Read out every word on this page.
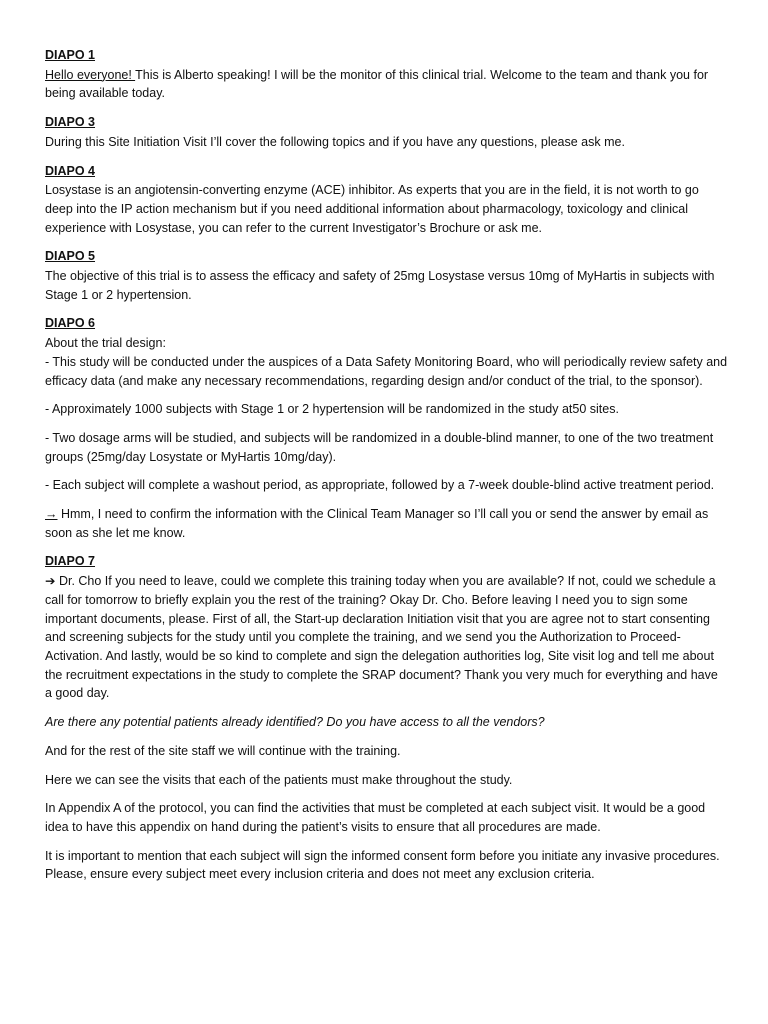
DIAPO 1

Hello everyone! This is Alberto speaking! I will be the monitor of this clinical trial. Welcome to the team and thank you for being available today.

DIAPO 3

During this Site Initiation Visit I’ll cover the following topics and if you have any questions, please ask me.

DIAPO 4

Losystase is an angiotensin-converting enzyme (ACE) inhibitor. As experts that you are in the field, it is not worth to go deep into the IP action mechanism but if you need additional information about pharmacology, toxicology and clinical experience with Losystase, you can refer to the current Investigator’s Brochure or ask me.

DIAPO 5

The objective of this trial is to assess the efficacy and safety of 25mg Losystase versus 10mg of MyHartis in subjects with Stage 1 or 2 hypertension.

DIAPO 6

About the trial design:

- This study will be conducted under the auspices of a Data Safety Monitoring Board, who will periodically review safety and efficacy data (and make any necessary recommendations, regarding design and/or conduct of the trial, to the sponsor).

- Approximately 1000 subjects with Stage 1 or 2 hypertension will be randomized in the study at50 sites.

- Two dosage arms will be studied, and subjects will be randomized in a double-blind manner, to one of the two treatment groups (25mg/day Losystate or MyHartis 10mg/day).

- Each subject will complete a washout period, as appropriate, followed by a 7-week double-blind active treatment period.

→ Hmm, I need to confirm the information with the Clinical Team Manager so I’ll call you or send the answer by email as soon as she let me know.

DIAPO 7

➔ Dr. Cho If you need to leave, could we complete this training today when you are available? If not, could we schedule a call for tomorrow to briefly explain you the rest of the training? Okay Dr. Cho. Before leaving I need you to sign some important documents, please. First of all, the Start-up declaration Initiation visit that you are agree not to start consenting and screening subjects for the study until you complete the training, and we send you the Authorization to Proceed-Activation. And lastly, would be so kind to complete and sign the delegation authorities log, Site visit log and tell me about the recruitment expectations in the study to complete the SRAP document? Thank you very much for everything and have a good day.

Are there any potential patients already identified? Do you have access to all the vendors?

And for the rest of the site staff we will continue with the training.

Here we can see the visits that each of the patients must make throughout the study.

In Appendix A of the protocol, you can find the activities that must be completed at each subject visit. It would be a good idea to have this appendix on hand during the patient’s visits to ensure that all procedures are made.

It is important to mention that each subject will sign the informed consent form before you initiate any invasive procedures. Please, ensure every subject meet every inclusion criteria and does not meet any exclusion criteria.
